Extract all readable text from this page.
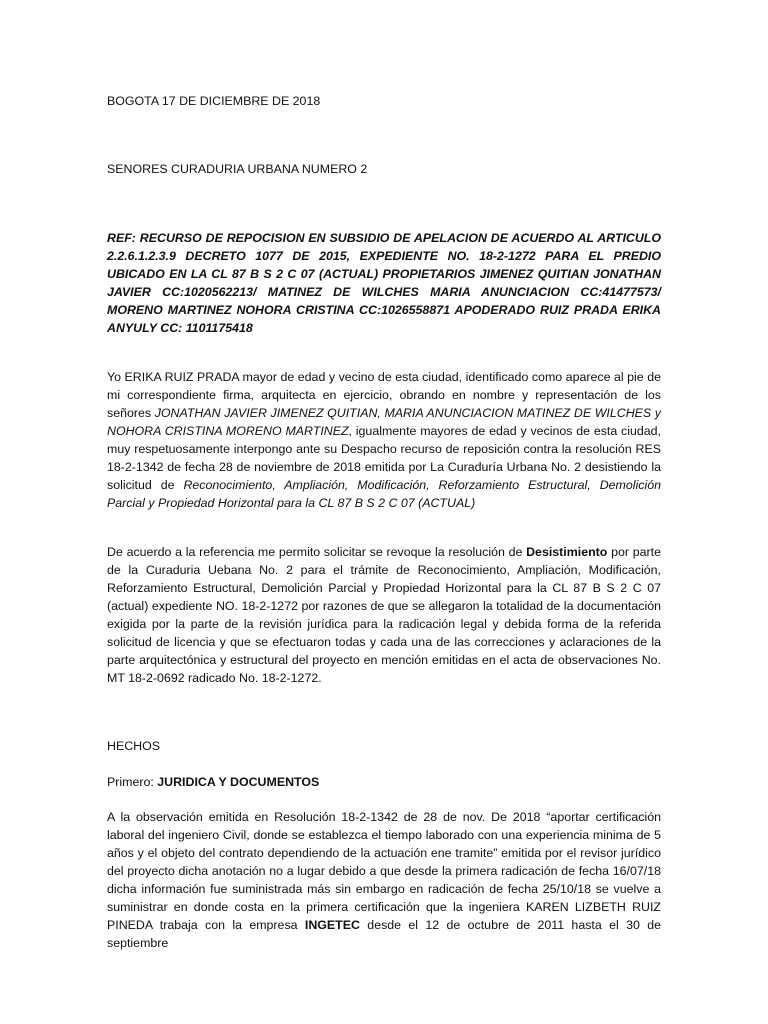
BOGOTA 17 DE DICIEMBRE DE 2018

SENORES CURADURIA URBANA NUMERO 2

REF: RECURSO DE REPOCISION EN SUBSIDIO DE APELACION DE ACUERDO AL ARTICULO 2.2.6.1.2.3.9 DECRETO 1077 DE 2015, EXPEDIENTE NO. 18-2-1272 PARA EL PREDIO UBICADO EN LA CL 87 B S 2 C 07 (ACTUAL) PROPIETARIOS JIMENEZ QUITIAN JONATHAN JAVIER CC:1020562213/ MATINEZ DE WILCHES MARIA ANUNCIACION CC:41477573/ MORENO MARTINEZ NOHORA CRISTINA CC:1026558871 APODERADO RUIZ PRADA ERIKA ANYULY CC: 1101175418

Yo ERIKA RUIZ PRADA mayor de edad y vecino de esta ciudad, identificado como aparece al pie de mi correspondiente firma, arquitecta en ejercicio, obrando en nombre y representación de los señores JONATHAN JAVIER JIMENEZ QUITIAN, MARIA ANUNCIACION MATINEZ DE WILCHES y NOHORA CRISTINA MORENO MARTINEZ, igualmente mayores de edad y vecinos de esta ciudad, muy respetuosamente interpongo ante su Despacho recurso de reposición contra la resolución RES 18-2-1342 de fecha 28 de noviembre de 2018 emitida por La Curaduría Urbana No. 2 desistiendo la solicitud de Reconocimiento, Ampliación, Modificación, Reforzamiento Estructural, Demolición Parcial y Propiedad Horizontal para la CL 87 B S 2 C 07 (ACTUAL)

De acuerdo a la referencia me permito solicitar se revoque la resolución de Desistimiento por parte de la Curaduria Uebana No. 2 para el trámite de Reconocimiento, Ampliación, Modificación, Reforzamiento Estructural, Demolición Parcial y Propiedad Horizontal para la CL 87 B S 2 C 07 (actual) expediente NO. 18-2-1272 por razones de que se allegaron la totalidad de la documentación exigida por la parte de la revisión jurídica para la radicación legal y debida forma de la referida solicitud de licencia y que se efectuaron todas y cada una de las correcciones y aclaraciones de la parte arquitectónica y estructural del proyecto en mención emitidas en el acta de observaciones No. MT 18-2-0692 radicado No. 18-2-1272.

HECHOS

Primero: JURIDICA Y DOCUMENTOS

A la observación emitida en Resolución 18-2-1342 de 28 de nov. De 2018 “aportar certificación laboral del ingeniero Civil, donde se establezca el tiempo laborado con una experiencia minima de 5 años y el objeto del contrato dependiendo de la actuación ene tramite” emitida por el revisor jurídico del proyecto dicha anotación no a lugar debido a que desde la primera radicación de fecha 16/07/18 dicha información fue suministrada más sin embargo en radicación de fecha 25/10/18 se vuelve a suministrar en donde costa en la primera certificación que la ingeniera KAREN LIZBETH RUIZ PINEDA trabaja con la empresa INGETEC desde el 12 de octubre de 2011 hasta el 30 de septiembre
